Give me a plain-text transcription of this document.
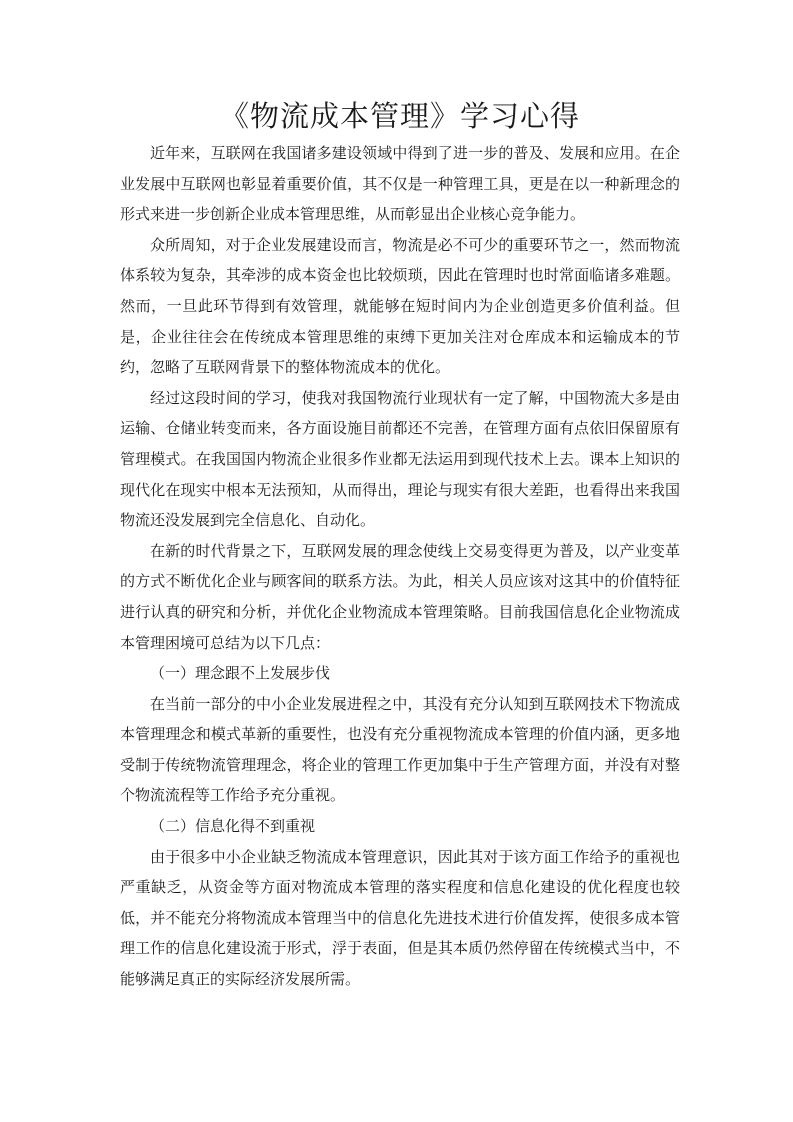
《物流成本管理》学习心得

近年来，互联网在我国诸多建设领域中得到了进一步的普及、发展和应用。在企业发展中互联网也彰显着重要价值，其不仅是一种管理工具，更是在以一种新理念的形式来进一步创新企业成本管理思维，从而彰显出企业核心竞争能力。

众所周知，对于企业发展建设而言，物流是必不可少的重要环节之一，然而物流体系较为复杂，其牵涉的成本资金也比较烦琐，因此在管理时也时常面临诸多难题。然而，一旦此环节得到有效管理，就能够在短时间内为企业创造更多价值利益。但是，企业往往会在传统成本管理思维的束缚下更加关注对仓库成本和运输成本的节约，忽略了互联网背景下的整体物流成本的优化。

经过这段时间的学习，使我对我国物流行业现状有一定了解，中国物流大多是由运输、仓储业转变而来，各方面设施目前都还不完善，在管理方面有点依旧保留原有管理模式。在我国国内物流企业很多作业都无法运用到现代技术上去。课本上知识的现代化在现实中根本无法预知，从而得出，理论与现实有很大差距，也看得出来我国物流还没发展到完全信息化、自动化。

在新的时代背景之下，互联网发展的理念使线上交易变得更为普及，以产业变革的方式不断优化企业与顾客间的联系方法。为此，相关人员应该对这其中的价值特征进行认真的研究和分析，并优化企业物流成本管理策略。目前我国信息化企业物流成本管理困境可总结为以下几点：

（一）理念跟不上发展步伐

在当前一部分的中小企业发展进程之中，其没有充分认知到互联网技术下物流成本管理理念和模式革新的重要性，也没有充分重视物流成本管理的价值内涵，更多地受制于传统物流管理理念，将企业的管理工作更加集中于生产管理方面，并没有对整个物流流程等工作给予充分重视。

（二）信息化得不到重视

由于很多中小企业缺乏物流成本管理意识，因此其对于该方面工作给予的重视也严重缺乏，从资金等方面对物流成本管理的落实程度和信息化建设的优化程度也较低，并不能充分将物流成本管理当中的信息化先进技术进行价值发挥，使很多成本管理工作的信息化建设流于形式，浮于表面，但是其本质仍然停留在传统模式当中，不能够满足真正的实际经济发展所需。
